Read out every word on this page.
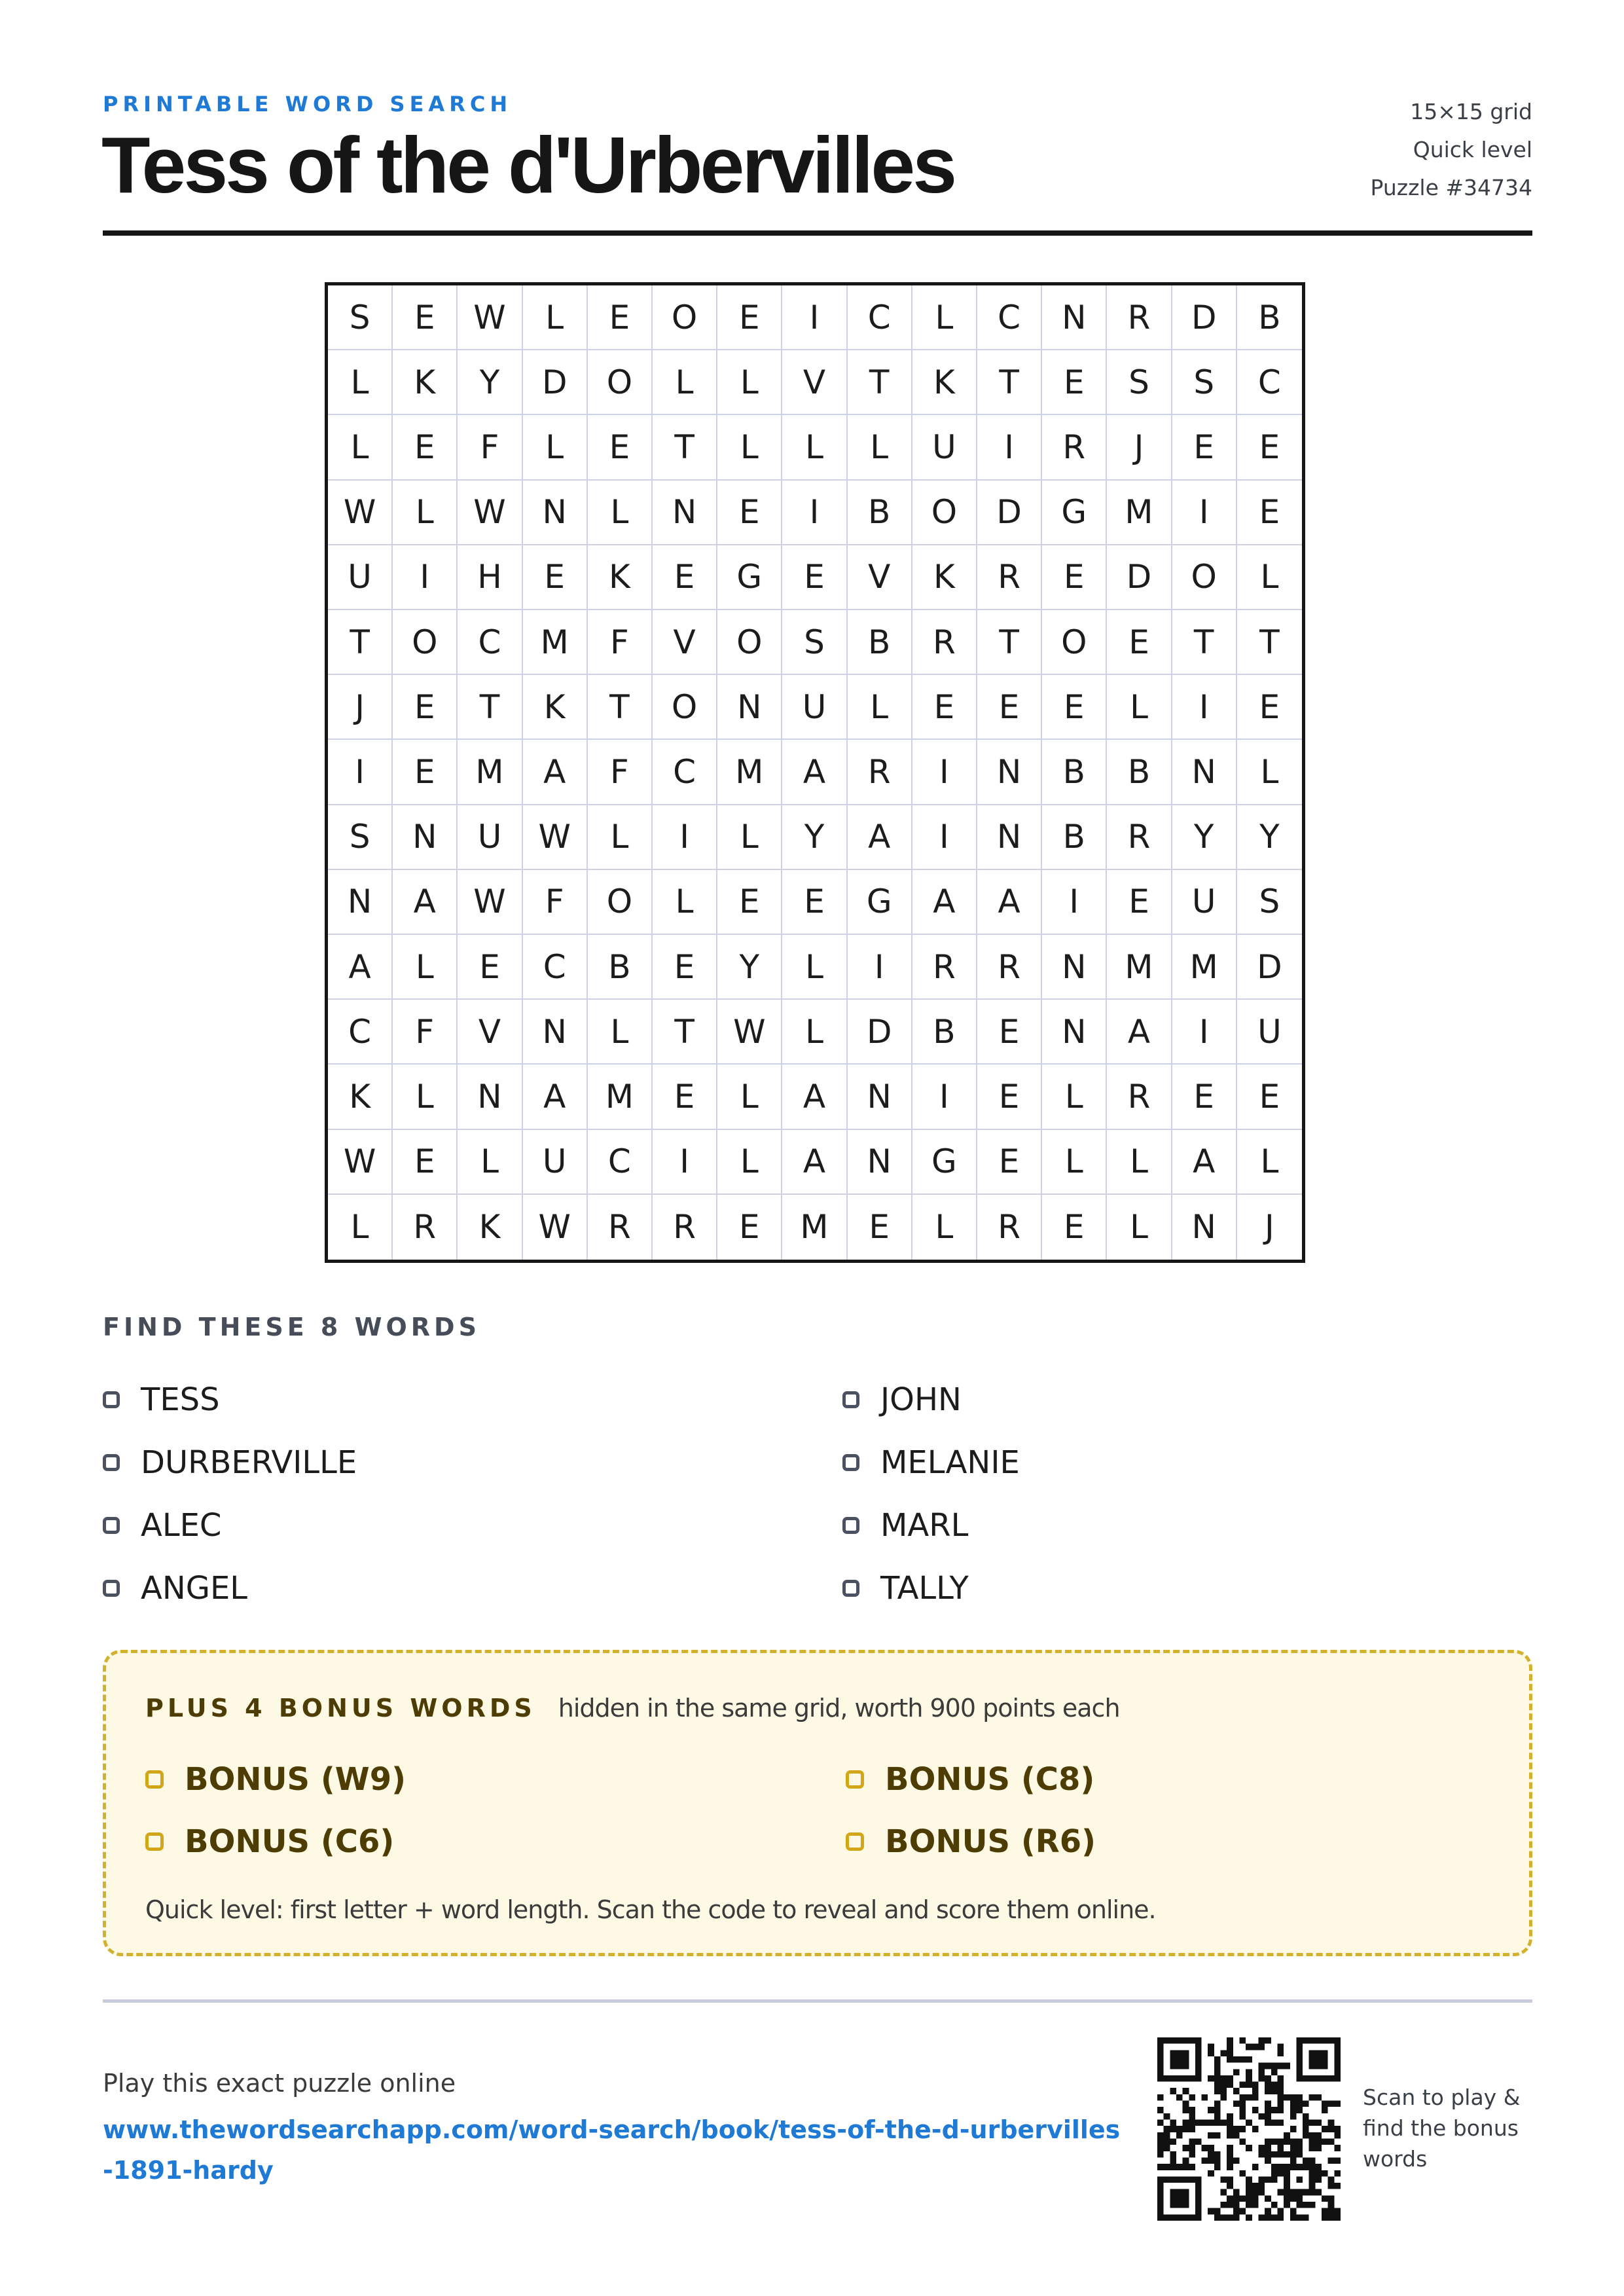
PRINTABLE WORD SEARCH
Tess of the d'Urbervilles
15×15 grid
Quick level
Puzzle #34734
S	E	W	L	E	O	E	I	C	L	C	N	R	D	B
L	K	Y	D	O	L	L	V	T	K	T	E	S	S	C
L	E	F	L	E	T	L	L	L	U	I	R	J	E	E
W	L	W	N	L	N	E	I	B	O	D	G	M	I	E
U	I	H	E	K	E	G	E	V	K	R	E	D	O	L
T	O	C	M	F	V	O	S	B	R	T	O	E	T	T
J	E	T	K	T	O	N	U	L	E	E	E	L	I	E
I	E	M	A	F	C	M	A	R	I	N	B	B	N	L
S	N	U	W	L	I	L	Y	A	I	N	B	R	Y	Y
N	A	W	F	O	L	E	E	G	A	A	I	E	U	S
A	L	E	C	B	E	Y	L	I	R	R	N	M	M	D
C	F	V	N	L	T	W	L	D	B	E	N	A	I	U
K	L	N	A	M	E	L	A	N	I	E	L	R	E	E
W	E	L	U	C	I	L	A	N	G	E	L	L	A	L
L	R	K	W	R	R	E	M	E	L	R	E	L	N	J
FIND THESE 8 WORDS
TESS	JOHN
DURBERVILLE	MELANIE
ALEC	MARL
ANGEL	TALLY
PLUS 4 BONUS WORDS hidden in the same grid, worth 900 points each
BONUS (W9)	BONUS (C8)
BONUS (C6)	BONUS (R6)
Quick level: first letter + word length. Scan the code to reveal and score them online.
Play this exact puzzle online
www.thewordsearchapp.com/word-search/book/tess-of-the-d-urbervilles-1891-hardy
Scan to play & find the bonus words
